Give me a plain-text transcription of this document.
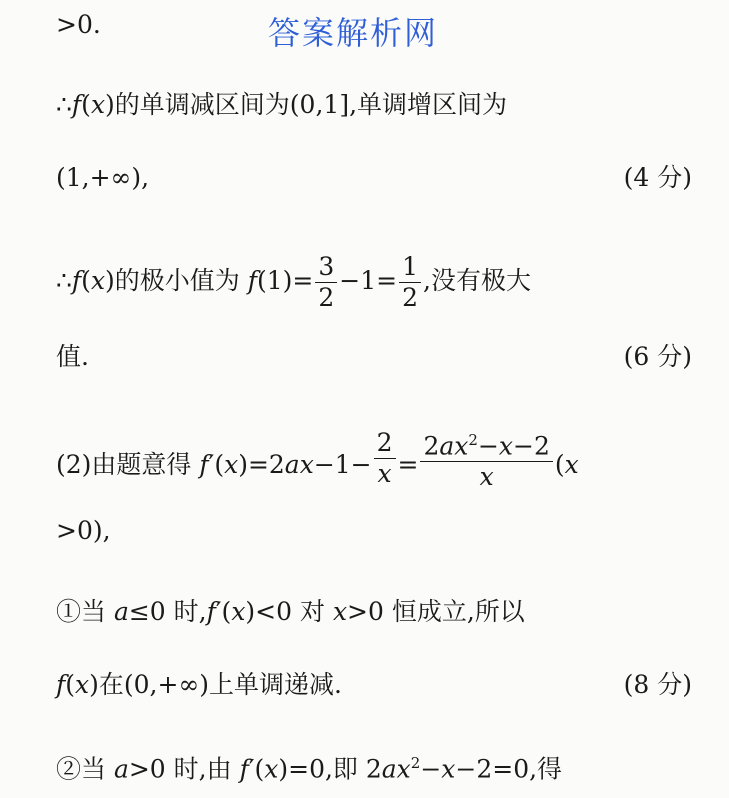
答案解析网
>0.
∴f(x)的单调减区间为(0,1],单调增区间为
(1,+∞),	(4 分)
∴f(x)的极小值为 $f(1)= \frac{3}{2} -1= \frac{1}{2}$ ,没有极大
值.	(6 分)
(2)由题意得 $f'(x)=2ax-1- \frac{2}{x} = \frac{2ax^2-x-2}{x} (x$
>0),
①当 a≤0 时,f′(x)<0 对 x>0 恒成立,所以
f(x)在(0,+∞)上单调递减.	(8 分)
②当 a>0 时,由 f′(x)=0,即 $2ax^2-x-2=0$,得
